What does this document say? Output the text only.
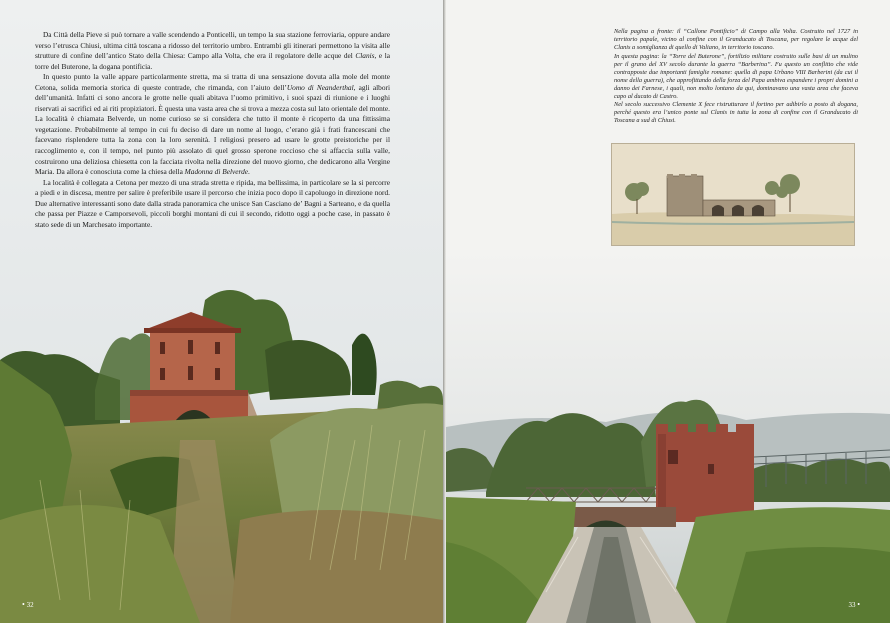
Da Città della Pieve si può tornare a valle scendendo a Ponticelli, un tempo la sua stazione ferroviaria, oppure andare verso l’etrusca Chiusi, ultima città toscana a ridosso del territorio umbro. Entrambi gli itinerari permettono la visita alle strutture di confine dell’antico Stato della Chiesa: Campo alla Volta, che era il regolatore delle acque del Clanis, e la torre del Buterone, la dogana pontificia.

In questo punto la valle appare particolarmente stretta, ma si tratta di una sensazione dovuta alla mole del monte Cetona, solida memoria storica di queste contrade, che rimanda, con l’aiuto dell’Uomo di Neanderthal, agli albori dell’umanità. Infatti ci sono ancora le grotte nelle quali abitava l’uomo primitivo, i suoi spazi di riunione e i luoghi riservati ai sacrifici ed ai riti propiziatori. È questa una vasta area che si trova a mezza costa sul lato orientale del monte. La località è chiamata Belverde, un nome curioso se si considera che tutto il monte è ricoperto da una fittissima vegetazione. Probabilmente al tempo in cui fu deciso di dare un nome al luogo, c’erano già i frati francescani che facevano risplendere tutta la zona con la loro serenità. I religiosi presero ad usare le grotte preistoriche per il raccoglimento e, con il tempo, nel punto più assolato di quel grosso sperone roccioso che si affaccia sulla valle, costruirono una deliziosa chiesetta con la facciata rivolta nella direzione del nuovo giorno, che dedicarono alla Vergine Maria. Da allora è conosciuta come la chiesa della Madonna di Belverde.

La località è collegata a Cetona per mezzo di una strada stretta e ripida, ma bellissima, in particolare se la si percorre a piedi e in discesa, mentre per salire è preferibile usare il percorso che inizia poco dopo il capoluogo in direzione nord. Due alternative interessanti sono date dalla strada panoramica che unisce San Casciano de’ Bagni a Sarteano, e da quella che passa per Piazze e Camporsevoli, piccoli borghi montani di cui il secondo, ridotto oggi a poche case, in passato è stato sede di un Marchesato importante.

• 32

Nella pagina a fronte: il “Callone Pontificio” di Campo alla Volta. Costruito nel 1727 in territorio papale, vicino al confine con il Granducato di Toscana, per regolare le acque del Clanis a somiglianza di quello di Valiano, in territorio toscano.

In questa pagina: la “Torre del Buterone”, fortilizio militare costruito sulle basi di un mulino per il grano del XV secolo durante la guerra “Barberina”. Fu questo un conflitto che vide contrapposte due importanti famiglie romane: quella di papa Urbano VIII Barberini (da cui il nome della guerra), che approfittando della forza del Papa ambiva espandere i propri domini a danno dei Farnese, i quali, non molto lontano da qui, dominavano una vasta area che faceva capo al ducato di Castro.

Nel secolo successivo Clemente X fece ristrutturare il fortino per adibirlo a posto di dogana, perché questo era l’unico ponte sul Clanis in tutta la zona di confine con il Granducato di Toscana a sud di Chiusi.

33 •
